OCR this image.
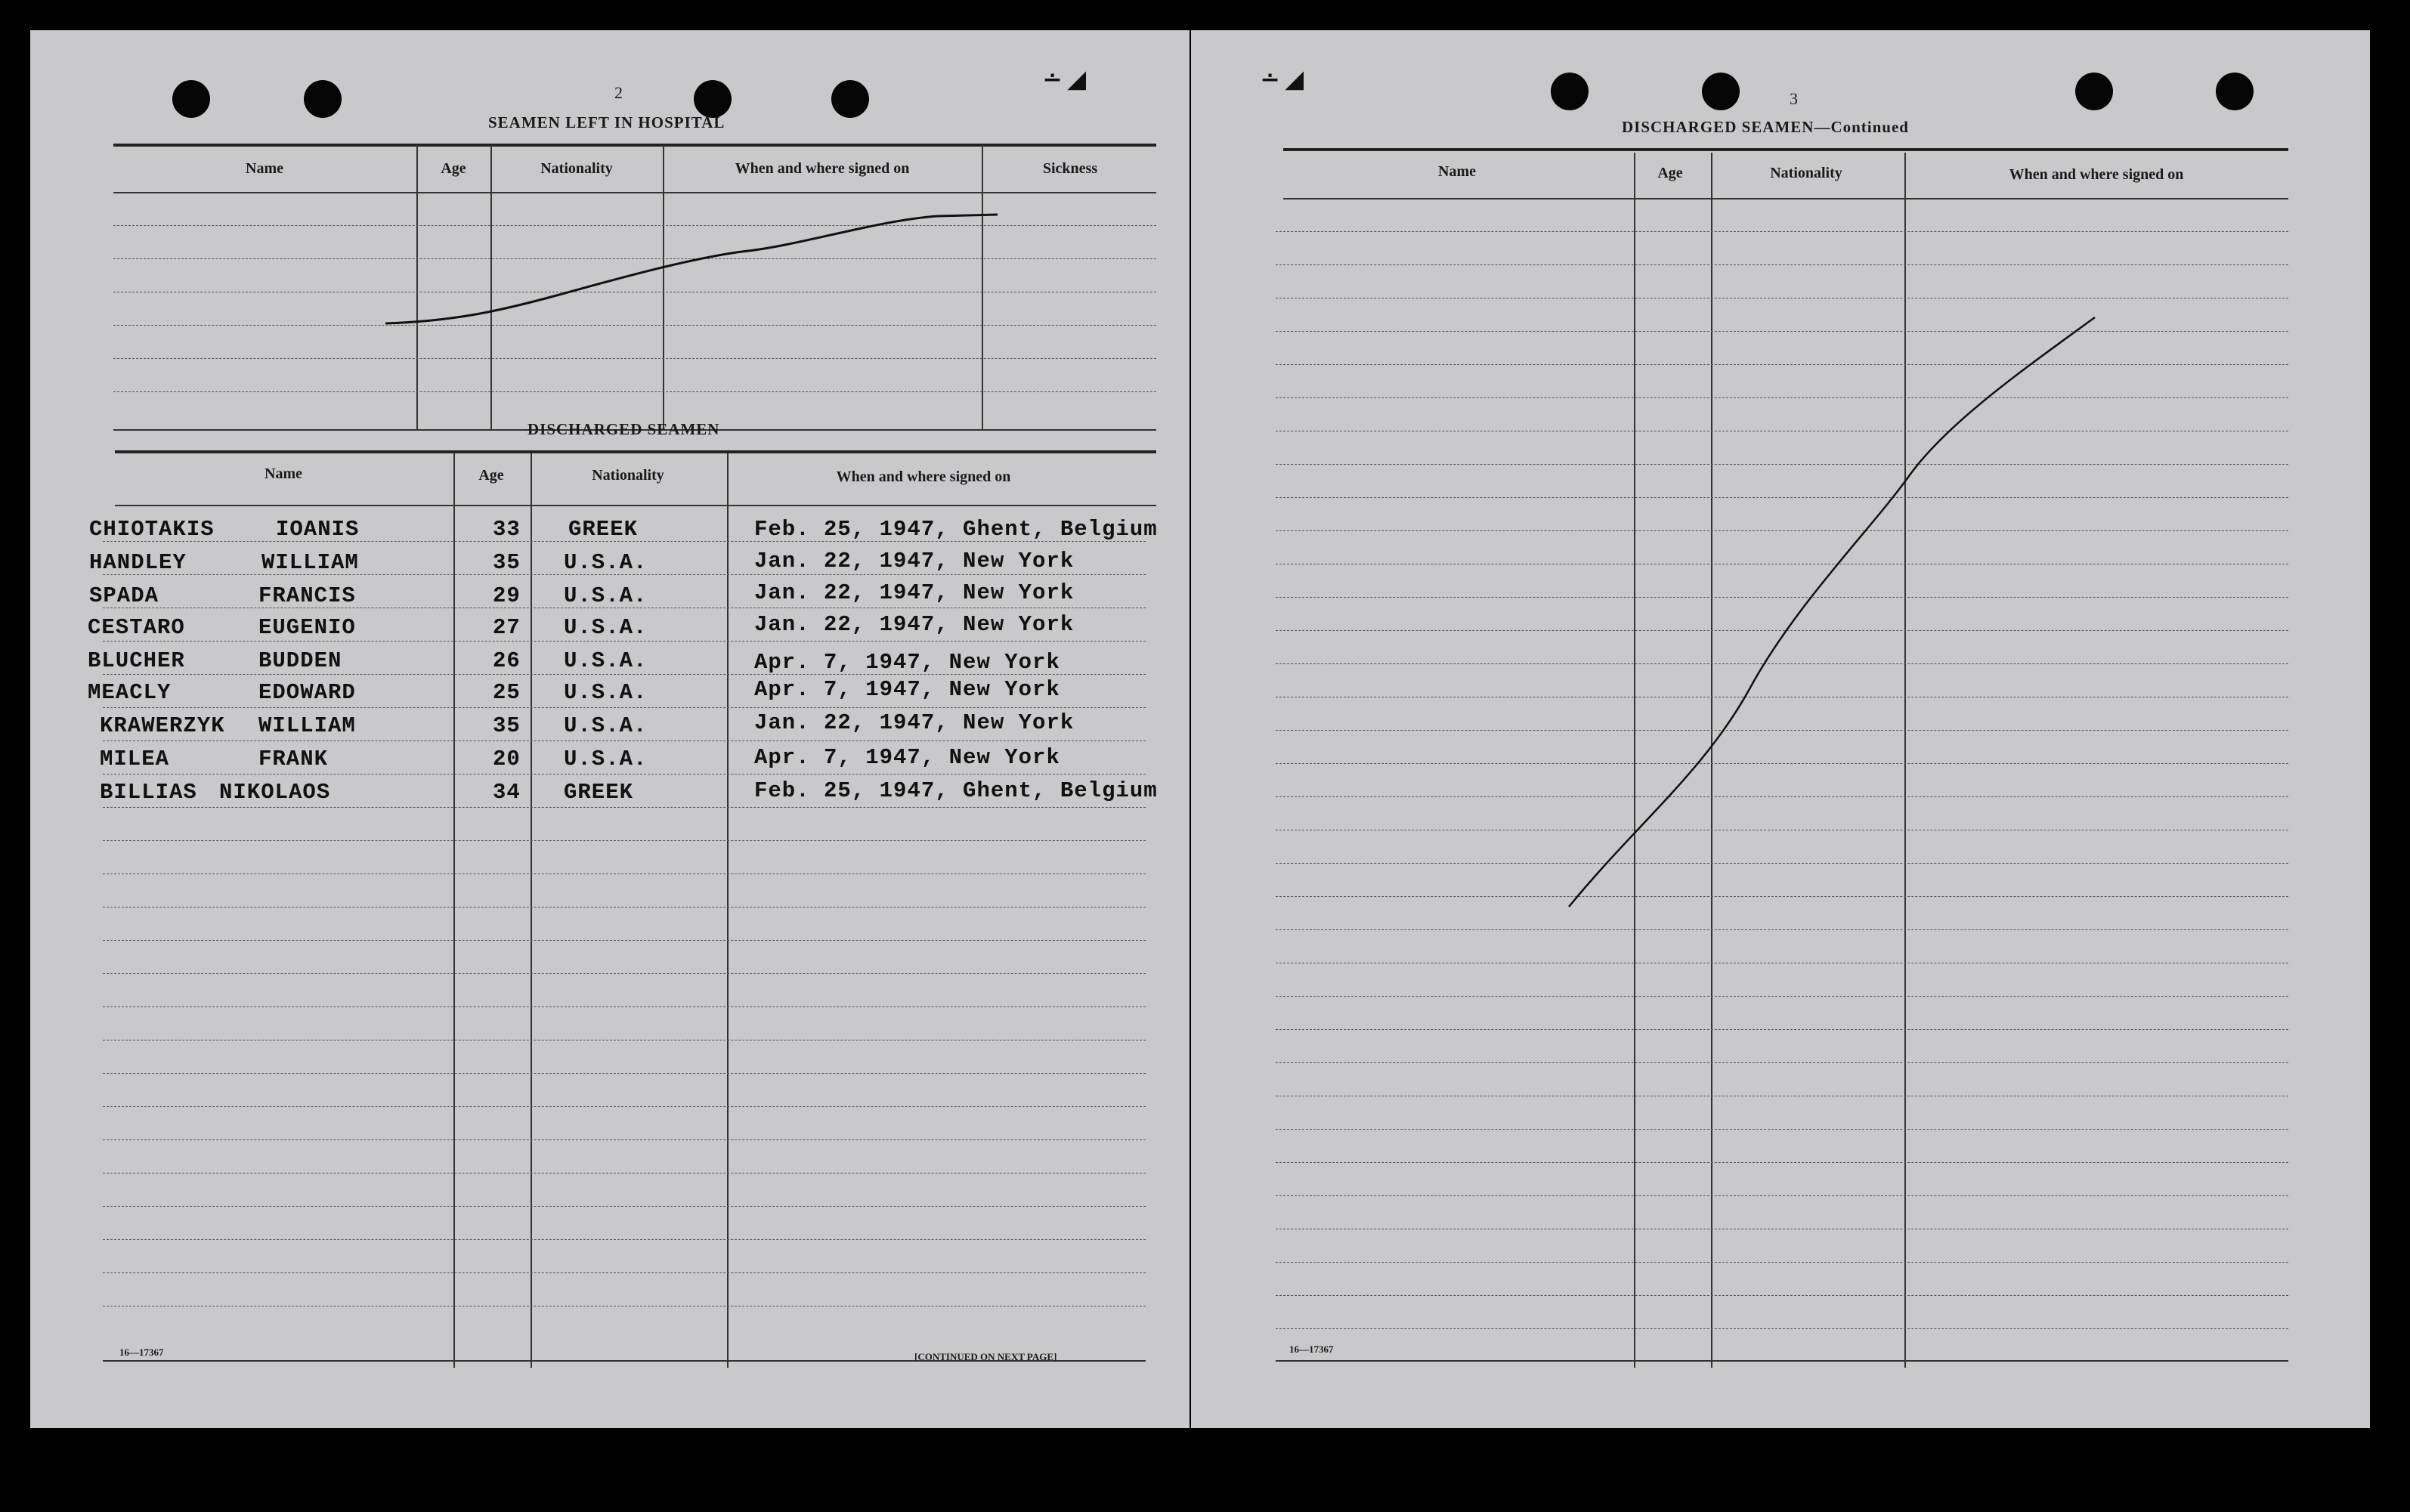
∸ ◢
2
SEAMEN LEFT IN HOSPITAL
Name	Age	Nationality	When and where signed on	Sickness
DISCHARGED SEAMEN
Name	Age	Nationality	When and where signed on
CHIOTAKIS	IOANIS	33 GREEK	Feb. 25, 1947, Ghent, Belgium
HANDLEY	WILLIAM	35 U.S.A.	Jan. 22, 1947, New York
SPADA	FRANCIS	29 U.S.A.	Jan. 22, 1947, New York
CESTARO	EUGENIO	27 U.S.A.	Jan. 22, 1947, New York
BLUCHER	BUDDEN	26 U.S.A.	Apr. 7, 1947, New York
MEACLY	EDOWARD	25 U.S.A.	Apr. 7, 1947, New York
KRAWERZYK WILLIAM	35 U.S.A.	Jan. 22, 1947, New York
MILEA	FRANK	20 U.S.A.	Apr. 7, 1947, New York
BILLIAS NIKOLAOS	34 GREEK	Feb. 25, 1947, Ghent, Belgium
16—17367	[CONTINUED ON NEXT PAGE]
∸ ◢
3
DISCHARGED SEAMEN—Continued
Name	Age	Nationality	When and where signed on
16—17367
